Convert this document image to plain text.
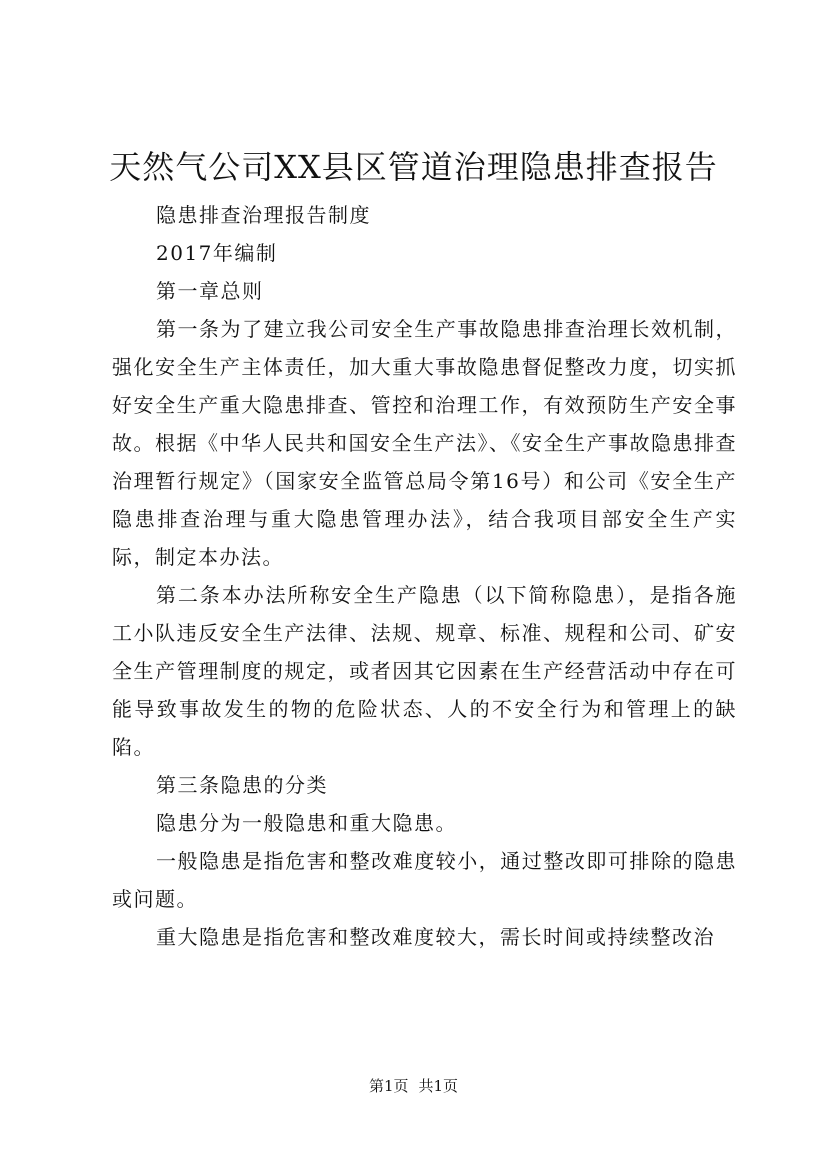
天然气公司XX县区管道治理隐患排查报告

隐患排查治理报告制度

2017年编制

第一章总则

第一条为了建立我公司安全生产事故隐患排查治理长效机制，强化安全生产主体责任，加大重大事故隐患督促整改力度，切实抓好安全生产重大隐患排查、管控和治理工作，有效预防生产安全事故。根据《中华人民共和国安全生产法》、《安全生产事故隐患排查治理暂行规定》（国家安全监管总局令第16号）和公司《安全生产隐患排查治理与重大隐患管理办法》，结合我项目部安全生产实际，制定本办法。

第二条本办法所称安全生产隐患（以下简称隐患），是指各施工小队违反安全生产法律、法规、规章、标准、规程和公司、矿安全生产管理制度的规定，或者因其它因素在生产经营活动中存在可能导致事故发生的物的危险状态、人的不安全行为和管理上的缺陷。

第三条隐患的分类

隐患分为一般隐患和重大隐患。

一般隐患是指危害和整改难度较小，通过整改即可排除的隐患或问题。

重大隐患是指危害和整改难度较大，需长时间或持续整改治

第1页 共1页
